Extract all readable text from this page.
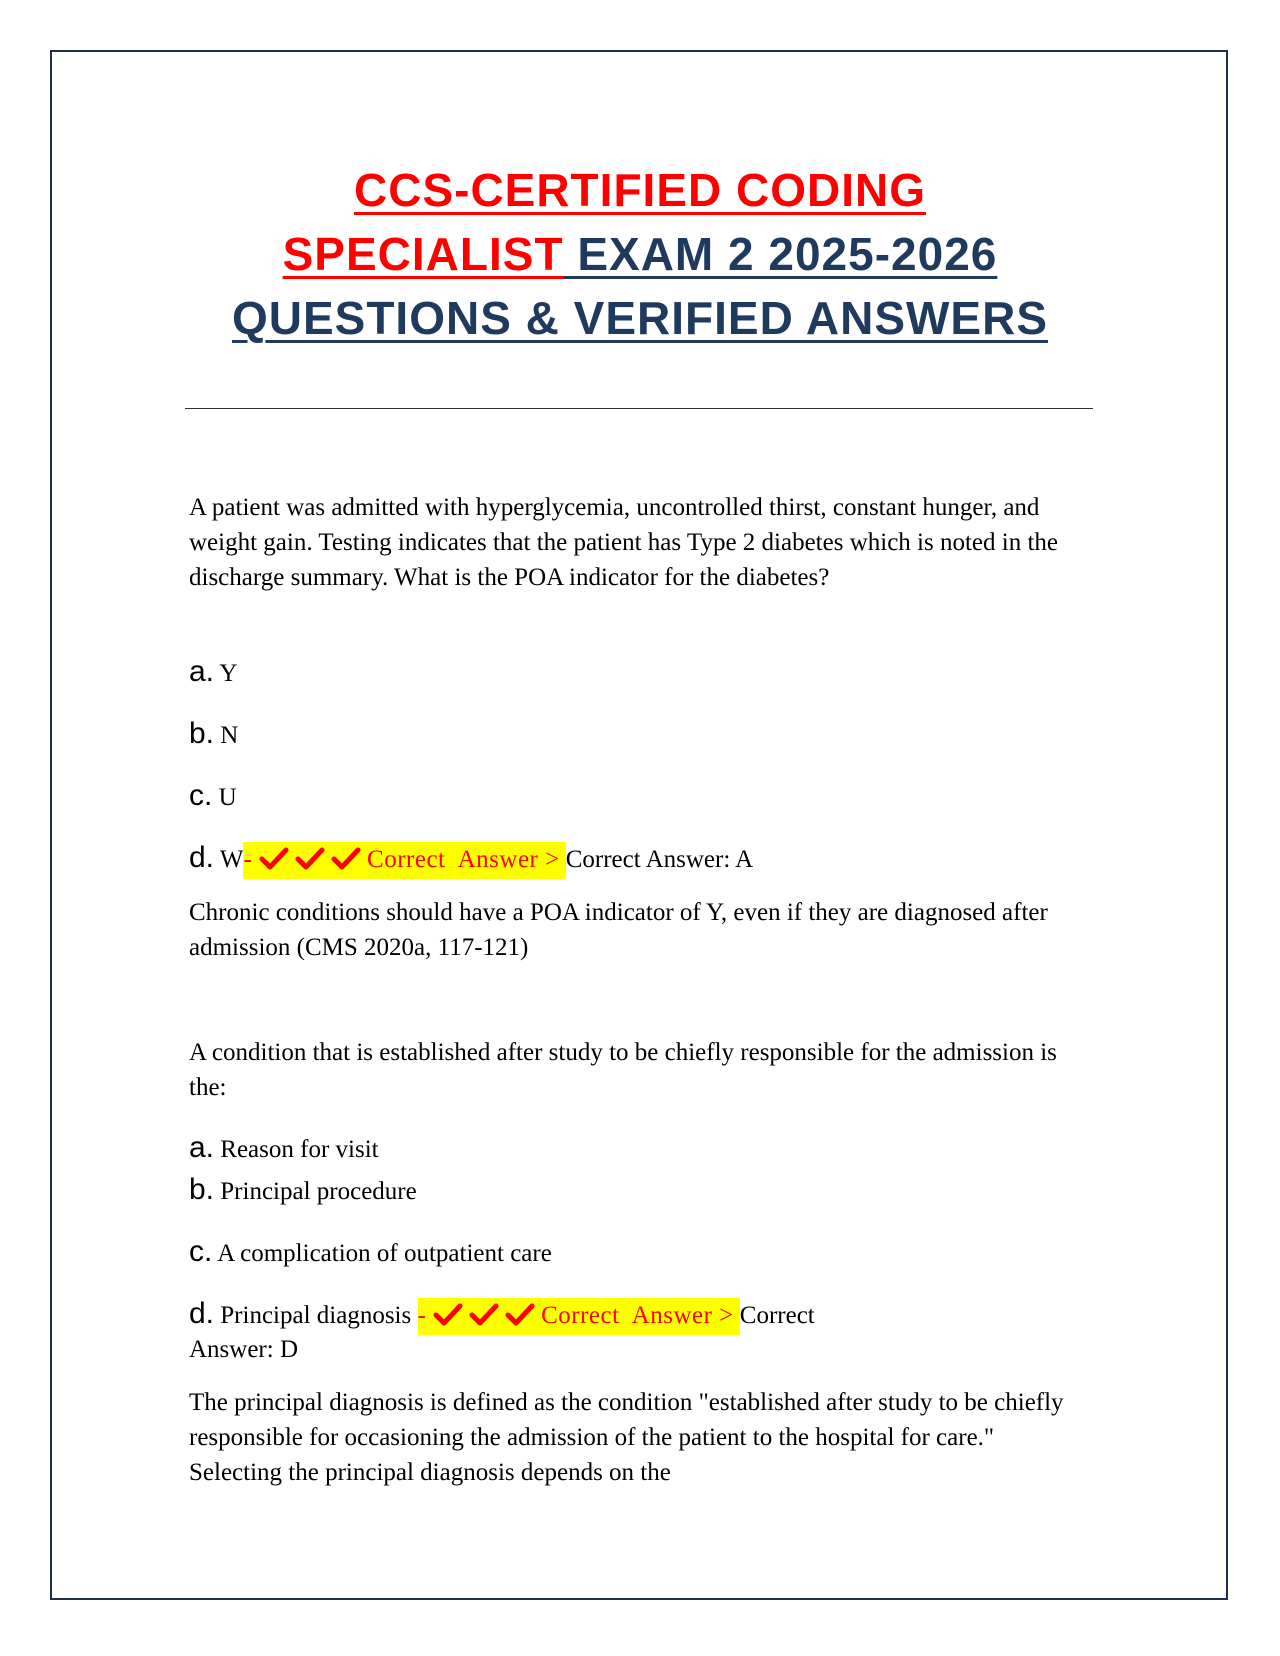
CCS-CERTIFIED CODING
SPECIALIST EXAM 2 2025-2026
QUESTIONS & VERIFIED ANSWERS

A patient was admitted with hyperglycemia, uncontrolled thirst, constant hunger, and weight gain. Testing indicates that the patient has Type 2 diabetes which is noted in the discharge summary. What is the POA indicator for the diabetes?

a. Y
b. N
c. U
d. W-	Correct  Answer > Correct Answer: A

Chronic conditions should have a POA indicator of Y, even if they are diagnosed after admission (CMS 2020a, 117-121)

A condition that is established after study to be chiefly responsible for the admission is the:

a. Reason for visit
b. Principal procedure
c. A complication of outpatient care
d. Principal diagnosis -	Correct  Answer > Correct
Answer: D

The principal diagnosis is defined as the condition "established after study to be chiefly responsible for occasioning the admission of the patient to the hospital for care." Selecting the principal diagnosis depends on the
